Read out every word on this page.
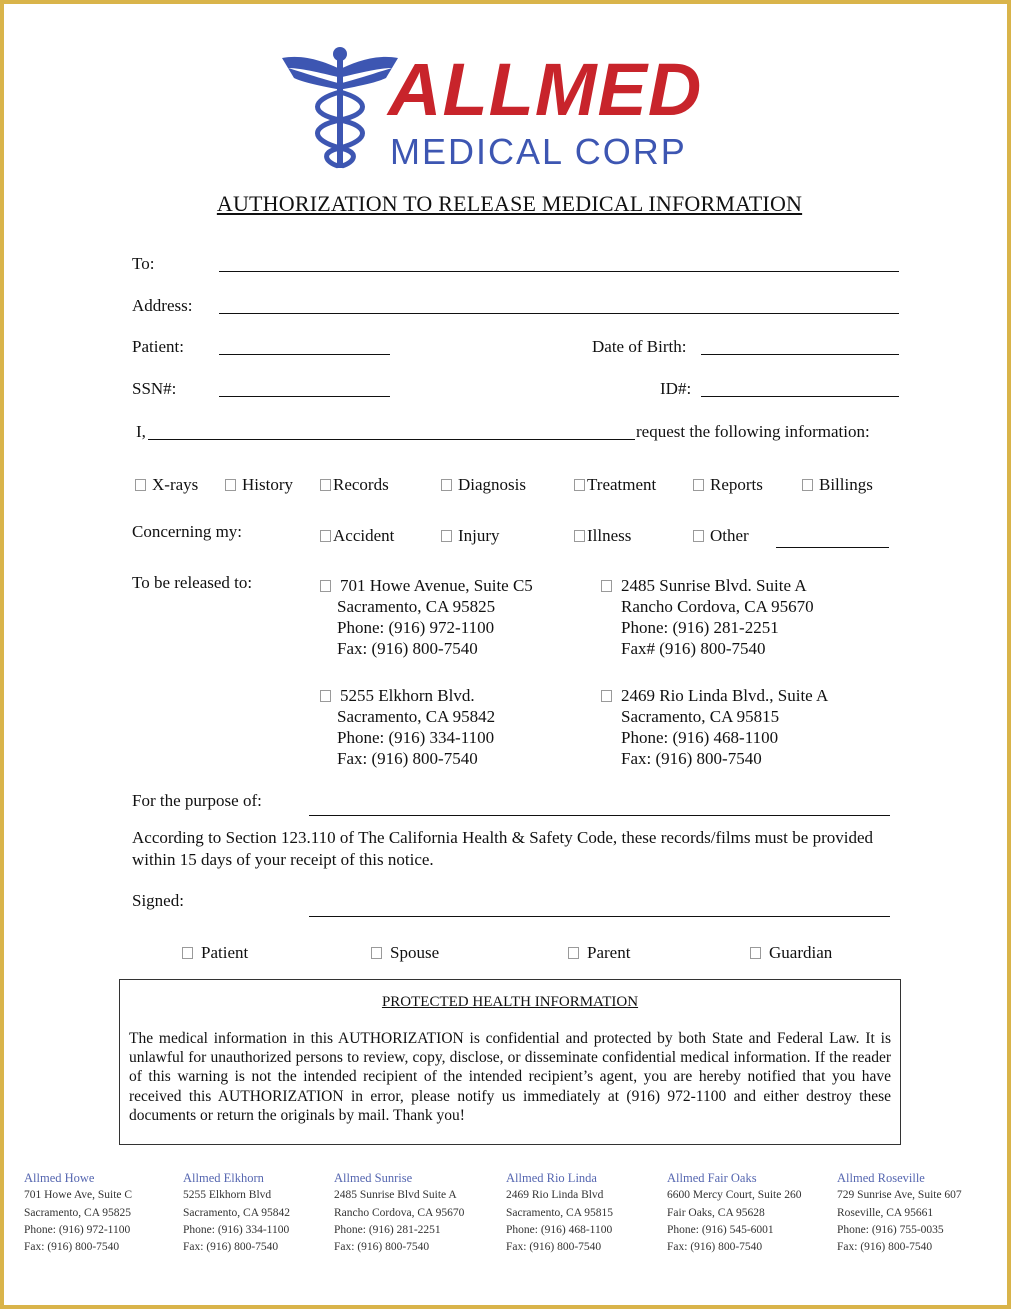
ALLMED
MEDICAL CORP
AUTHORIZATION TO RELEASE MEDICAL INFORMATION
To:
Address:
Patient:	Date of Birth:
SSN#:	ID#:
I,	request the following information:
X-rays	History	Records	Diagnosis	Treatment	Reports	Billings
Concerning my:	Accident	Injury	Illness	Other
To be released to:	701 Howe Avenue, Suite C5
Sacramento, CA 95825
Phone: (916) 972-1100
Fax: (916) 800-7540
2485 Sunrise Blvd. Suite A
Rancho Cordova, CA 95670
Phone: (916) 281-2251
Fax# (916) 800-7540
5255 Elkhorn Blvd.
Sacramento, CA 95842
Phone: (916) 334-1100
Fax: (916) 800-7540
2469 Rio Linda Blvd., Suite A
Sacramento, CA 95815
Phone: (916) 468-1100
Fax: (916) 800-7540
For the purpose of:
According to Section 123.110 of The California Health & Safety Code, these records/films must be provided within 15 days of your receipt of this notice.
Signed:
Patient	Spouse	Parent	Guardian
PROTECTED HEALTH INFORMATION
The medical information in this AUTHORIZATION is confidential and protected by both State and Federal Law. It is unlawful for unauthorized persons to review, copy, disclose, or disseminate confidential medical information. If the reader of this warning is not the intended recipient of the intended recipient’s agent, you are hereby notified that you have received this AUTHORIZATION in error, please notify us immediately at (916) 972-1100 and either destroy these documents or return the originals by mail. Thank you!
Allmed Howe
701 Howe Ave, Suite C
Sacramento, CA 95825
Phone: (916) 972-1100
Fax: (916) 800-7540
Allmed Elkhorn
5255 Elkhorn Blvd
Sacramento, CA 95842
Phone: (916) 334-1100
Fax: (916) 800-7540
Allmed Sunrise
2485 Sunrise Blvd Suite A
Rancho Cordova, CA 95670
Phone: (916) 281-2251
Fax: (916) 800-7540
Allmed Rio Linda
2469 Rio Linda Blvd
Sacramento, CA 95815
Phone: (916) 468-1100
Fax: (916) 800-7540
Allmed Fair Oaks
6600 Mercy Court, Suite 260
Fair Oaks, CA 95628
Phone: (916) 545-6001
Fax: (916) 800-7540
Allmed Roseville
729 Sunrise Ave, Suite 607
Roseville, CA 95661
Phone: (916) 755-0035
Fax: (916) 800-7540
